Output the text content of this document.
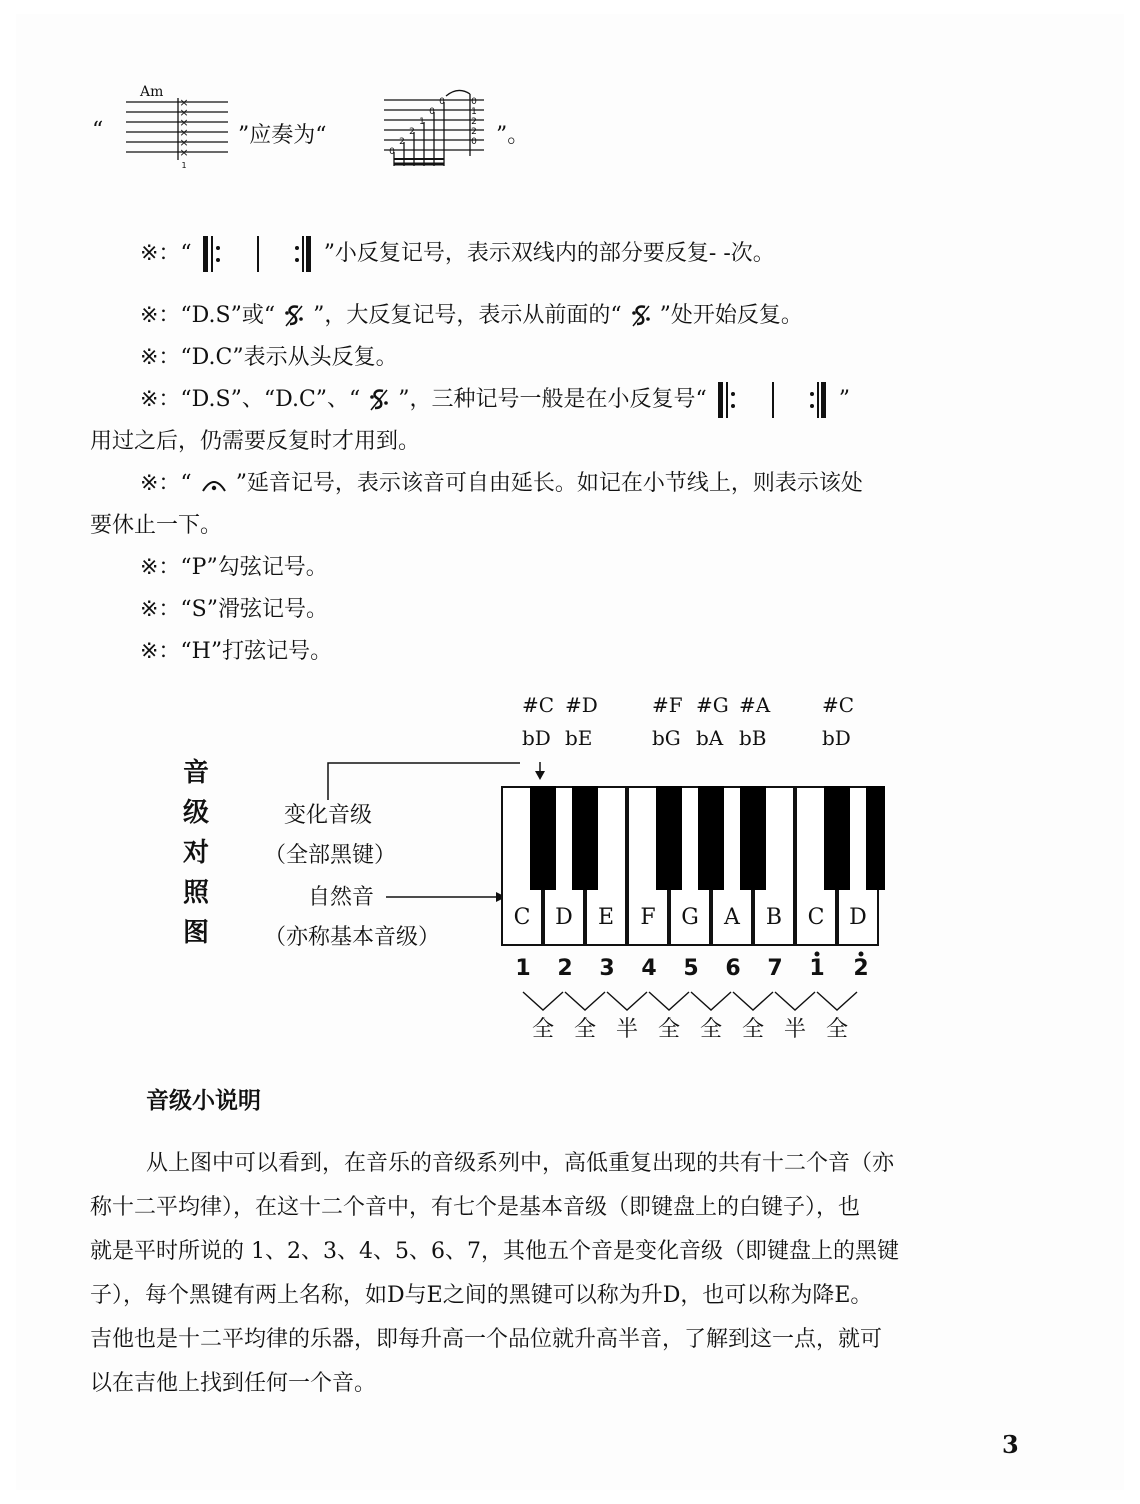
“
Am
×
×
×
×
×
×
1
”应奏为“
0
2
2
1
0
0	0
1
2
2
0 ”。
※：“	”小反复记号，表示双线内的部分要反复- -次。
※：“D.S”或“ ”，大反复记号，表示从前面的“ ”处开始反复。
※：“D.C”表示从头反复。
※：“D.S”、“D.C”、“ ”，三种记号一般是在小反复号“	”
用过之后，仍需要反复时才用到。
※：“ ”延音记号，表示该音可自由延长。如记在小节线上，则表示该处
要休止一下。
※：“P”勾弦记号。
※：“S”滑弦记号。
※：“H”打弦记号。
音
级
对
照
图
变化音级
（全部黑键）
自然音
（亦称基本音级）
#C
bD
#D
bE
#F
bG
#G
bA
#A
bB
#C
bD
C	D	E	F	G	A	B	C	D
1	2	3	4	5	6	7	1	2
全 全 半 全 全 全 半 全
音级小说明
从上图中可以看到，在音乐的音级系列中，高低重复出现的共有十二个音（亦
称十二平均律），在这十二个音中，有七个是基本音级（即键盘上的白键子），也
就是平时所说的 1、2、3、4、5、6、7，其他五个音是变化音级（即键盘上的黑键
子），每个黑键有两上名称，如D与E之间的黑键可以称为升D，也可以称为降E。
吉他也是十二平均律的乐器，即每升高一个品位就升高半音，了解到这一点，就可
以在吉他上找到任何一个音。
3
